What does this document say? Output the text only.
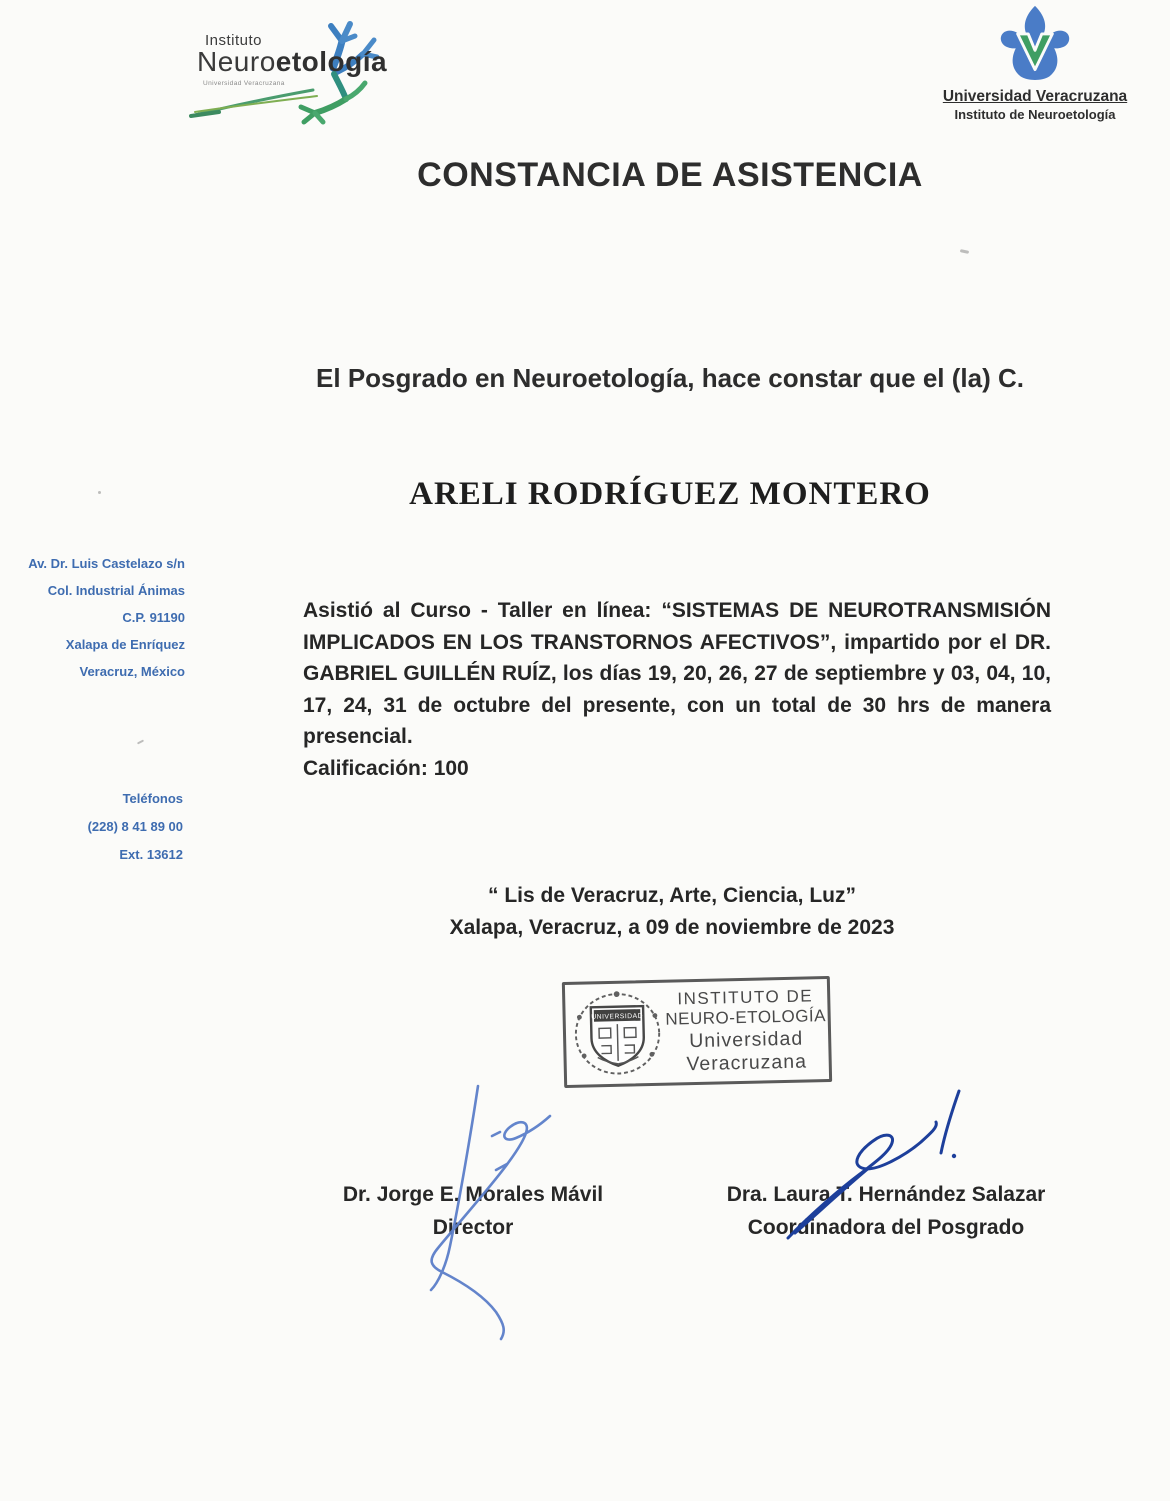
Instituto
Neuroetología
Universidad Veracruzana
Universidad Veracruzana
Instituto de Neuroetología
CONSTANCIA DE ASISTENCIA
El Posgrado en Neuroetología, hace constar que el (la) C.
ARELI RODRÍGUEZ MONTERO
Av. Dr. Luis Castelazo s/n
Col. Industrial Ánimas
C.P. 91190
Xalapa de Enríquez
Veracruz, México
Teléfonos
(228) 8 41 89 00
Ext. 13612
Asistió al Curso - Taller en línea: “SISTEMAS DE NEUROTRANSMISIÓN IMPLICADOS EN LOS TRANSTORNOS AFECTIVOS”, impartido por el DR. GABRIEL GUILLÉN RUÍZ, los días 19, 20, 26, 27 de septiembre y 03, 04, 10, 17, 24, 31 de octubre del presente, con un total de 30 hrs de manera presencial.
Calificación: 100
“ Lis de Veracruz, Arte, Ciencia, Luz”
Xalapa, Veracruz, a 09 de noviembre de 2023
UNIVERSIDAD
INSTITUTO DE
NEURO-ETOLOGÍA
Universidad
Veracruzana
Dr. Jorge E. Morales Mávil
Director
Dra. Laura T. Hernández Salazar
Coordinadora del Posgrado
